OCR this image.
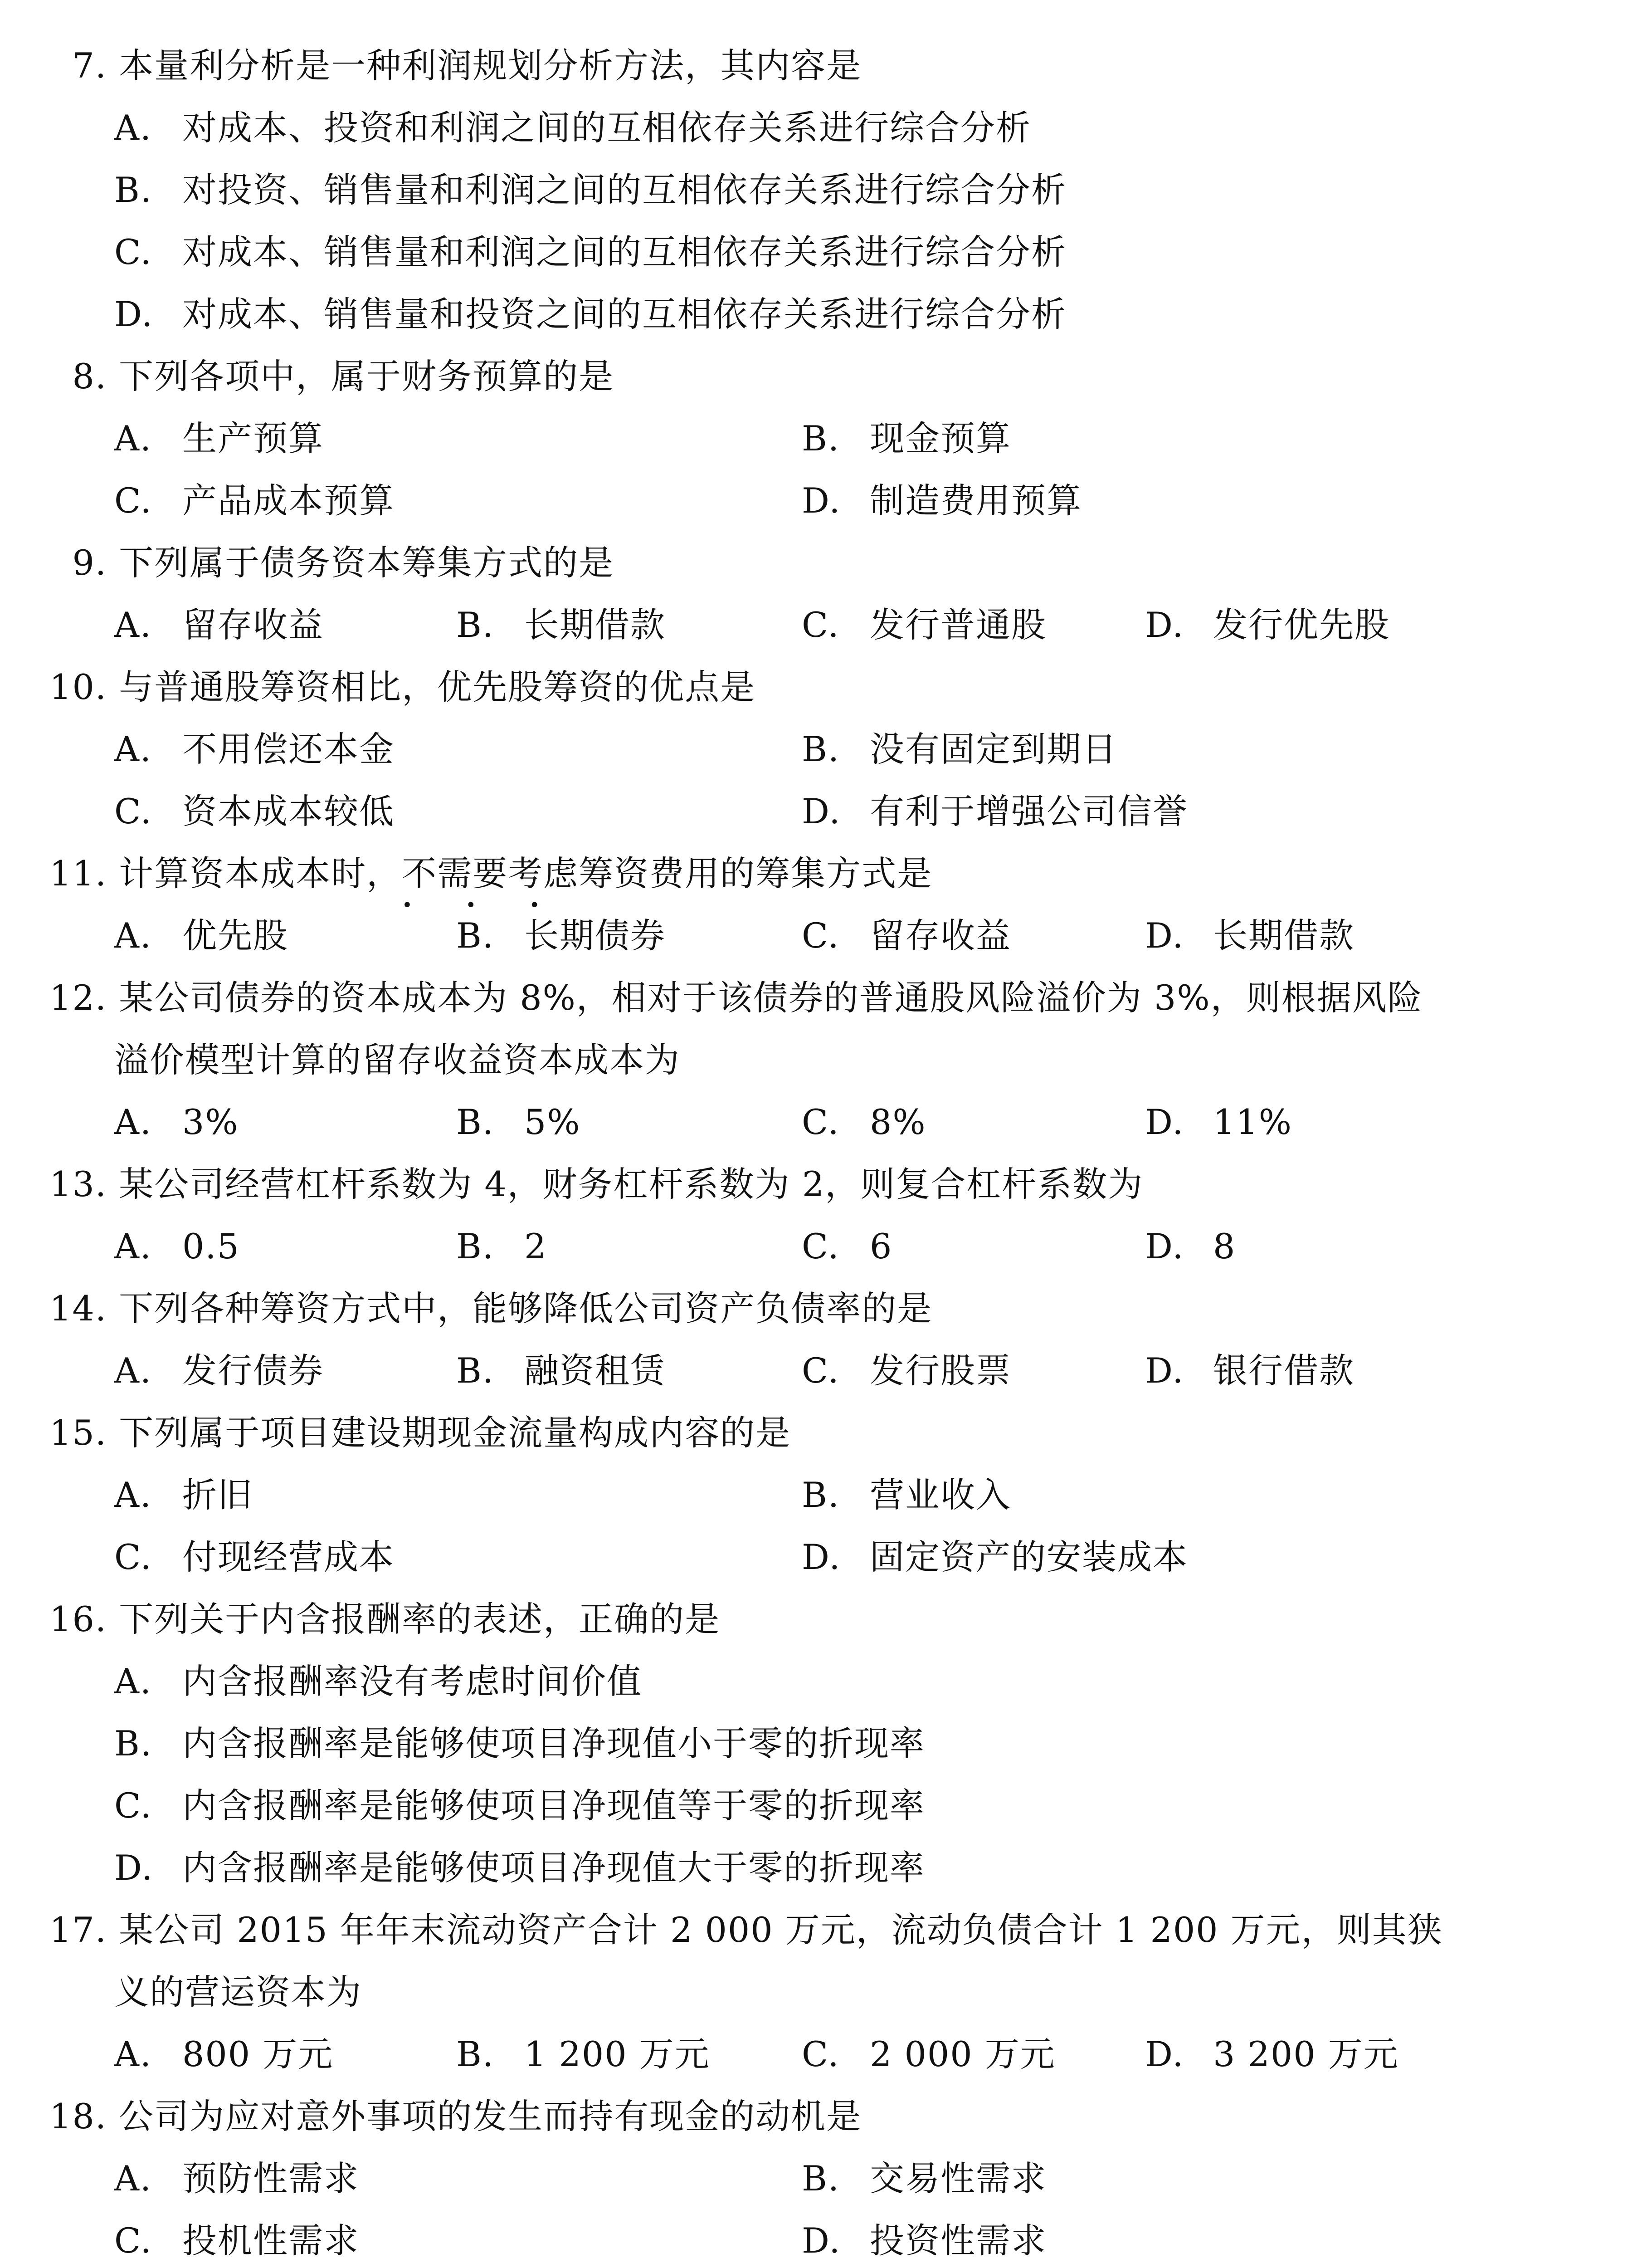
7. 本量利分析是一种利润规划分析方法，其内容是
A. 对成本、投资和利润之间的互相依存关系进行综合分析
B. 对投资、销售量和利润之间的互相依存关系进行综合分析
C. 对成本、销售量和利润之间的互相依存关系进行综合分析
D. 对成本、销售量和投资之间的互相依存关系进行综合分析
8. 下列各项中，属于财务预算的是
A. 生产预算	B. 现金预算
C. 产品成本预算	D. 制造费用预算
9. 下列属于债务资本筹集方式的是
A. 留存收益	B. 长期借款	C. 发行普通股	D. 发行优先股
10. 与普通股筹资相比，优先股筹资的优点是
A. 不用偿还本金	B. 没有固定到期日
C. 资本成本较低	D. 有利于增强公司信誉
11. 计算资本成本时，不需要
• • •
考虑筹资费用的筹集方式是
A. 优先股	B. 长期债券	C. 留存收益	D. 长期借款
12. 某公司债券的资本成本为 8%，相对于该债券的普通股风险溢价为 3%，则根据风险
溢价模型计算的留存收益资本成本为
A. 3%	B. 5%	C. 8%	D. 11%
13. 某公司经营杠杆系数为 4，财务杠杆系数为 2，则复合杠杆系数为
A. 0.5	B. 2	C. 6	D. 8
14. 下列各种筹资方式中，能够降低公司资产负债率的是
A. 发行债券	B. 融资租赁	C. 发行股票	D. 银行借款
15. 下列属于项目建设期现金流量构成内容的是
A. 折旧	B. 营业收入
C. 付现经营成本	D. 固定资产的安装成本
16. 下列关于内含报酬率的表述，正确的是
A. 内含报酬率没有考虑时间价值
B. 内含报酬率是能够使项目净现值小于零的折现率
C. 内含报酬率是能够使项目净现值等于零的折现率
D. 内含报酬率是能够使项目净现值大于零的折现率
17. 某公司 2015 年年末流动资产合计 2 000 万元，流动负债合计 1 200 万元，则其狭
义的营运资本为
A. 800 万元	B. 1 200 万元	C. 2 000 万元	D. 3 200 万元
18. 公司为应对意外事项的发生而持有现金的动机是
A. 预防性需求	B. 交易性需求
C. 投机性需求	D. 投资性需求
